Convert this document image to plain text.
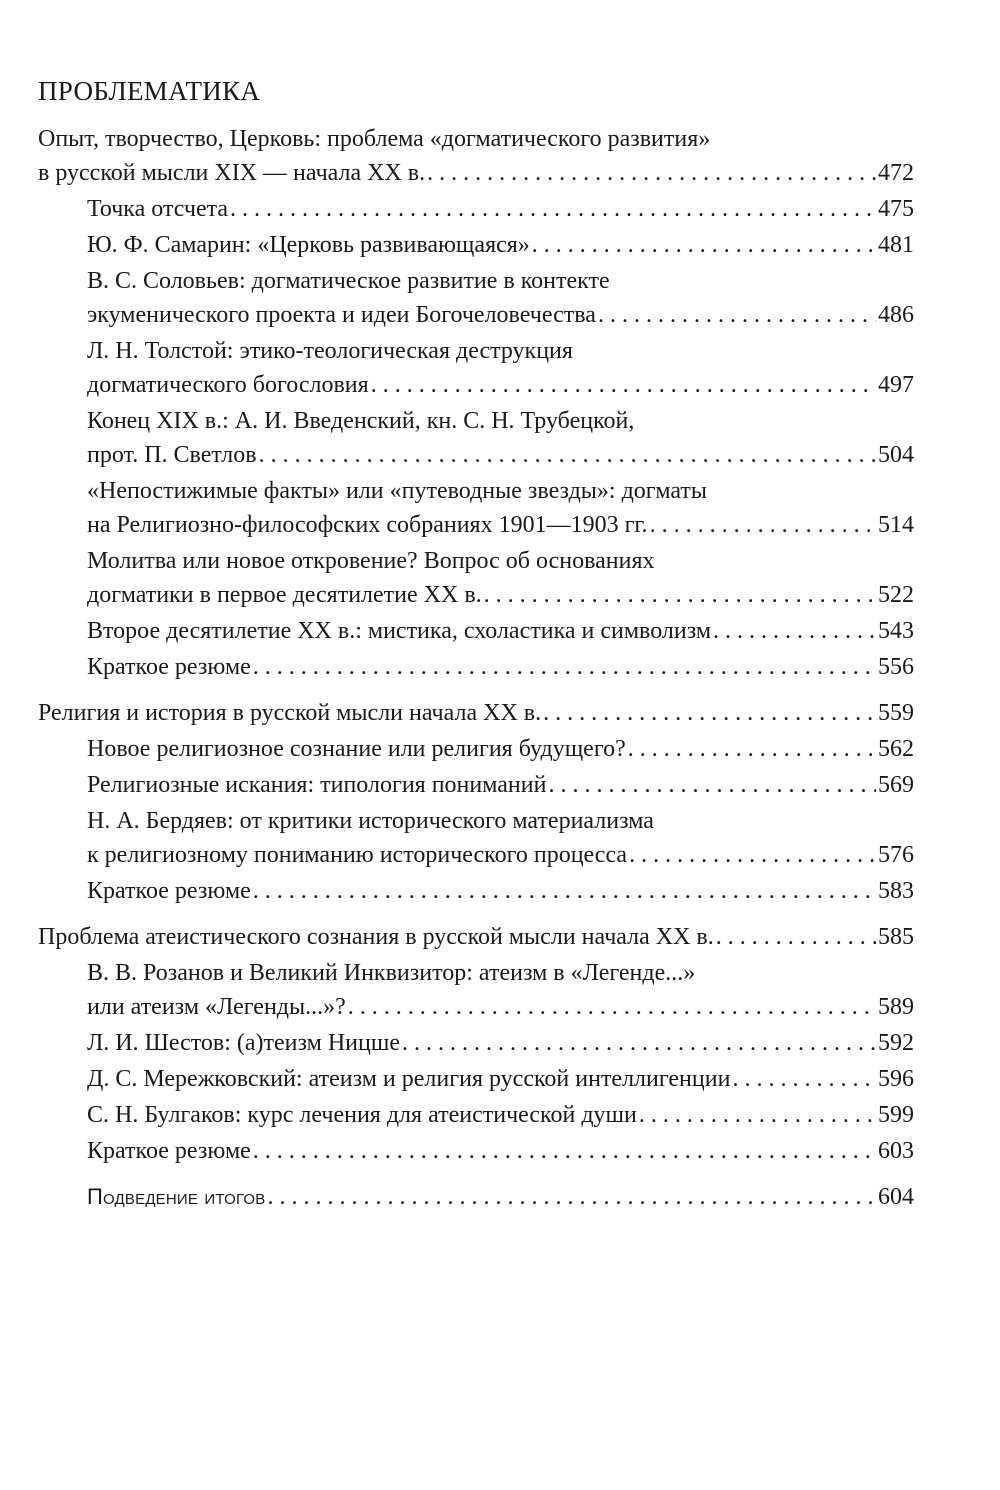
ПРОБЛЕМАТИКА
Опыт, творчество, Церковь: проблема «догматического развития»
в русской мысли XIX — начала XX в. . . .	472
Точка отсчета . . .	475
Ю. Ф. Самарин: «Церковь развивающаяся» . . .	481
В. С. Соловьев: догматическое развитие в контекте
экуменического проекта и идеи Богочеловечества . . .	486
Л. Н. Толстой: этико-теологическая деструкция
догматического богословия . . .	497
Конец XIX в.: А. И. Введенский, кн. С. Н. Трубецкой,
прот. П. Светлов . . .	504
«Непостижимые факты» или «путеводные звезды»: догматы
на Религиозно-философских собраниях 1901—1903 гг. . . .	514
Молитва или новое откровение? Вопрос об основаниях
догматики в первое десятилетие XX в. . . .	522
Второе десятилетие XX в.: мистика, схоластика и символизм . . .	543
Краткое резюме . . .	556
Религия и история в русской мысли начала XX в. . . .	559
Новое религиозное сознание или религия будущего? . . .	562
Религиозные искания: типология пониманий . . .	569
Н. А. Бердяев: от критики исторического материализма
к религиозному пониманию исторического процесса . . .	576
Краткое резюме . . .	583
Проблема атеистического сознания в русской мысли начала XX в. . . .	585
В. В. Розанов и Великий Инквизитор: атеизм в «Легенде...»
или атеизм «Легенды...»? . . .	589
Л. И. Шестов: (а)теизм Ницше . . .	592
Д. С. Мережковский: атеизм и религия русской интеллигенции . . .	596
С. Н. Булгаков: курс лечения для атеистической души . . .	599
Краткое резюме . . .	603
Подведение итогов . . .	604
